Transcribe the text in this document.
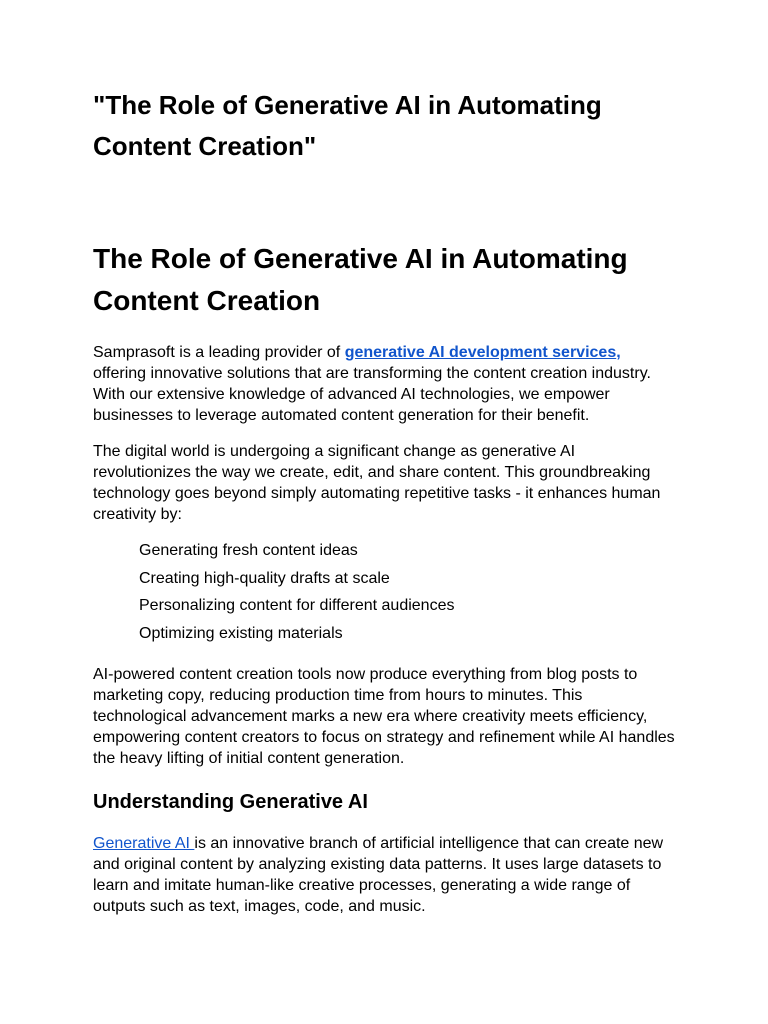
"The Role of Generative AI in Automating Content Creation"
The Role of Generative AI in Automating Content Creation

Samprasoft is a leading provider of generative AI development services, offering innovative solutions that are transforming the content creation industry. With our extensive knowledge of advanced AI technologies, we empower businesses to leverage automated content generation for their benefit.

The digital world is undergoing a significant change as generative AI revolutionizes the way we create, edit, and share content. This groundbreaking technology goes beyond simply automating repetitive tasks - it enhances human creativity by:

Generating fresh content ideas
Creating high-quality drafts at scale
Personalizing content for different audiences
Optimizing existing materials

AI-powered content creation tools now produce everything from blog posts to marketing copy, reducing production time from hours to minutes. This technological advancement marks a new era where creativity meets efficiency, empowering content creators to focus on strategy and refinement while AI handles the heavy lifting of initial content generation.

Understanding Generative AI

Generative AI is an innovative branch of artificial intelligence that can create new and original content by analyzing existing data patterns. It uses large datasets to learn and imitate human-like creative processes, generating a wide range of outputs such as text, images, code, and music.
